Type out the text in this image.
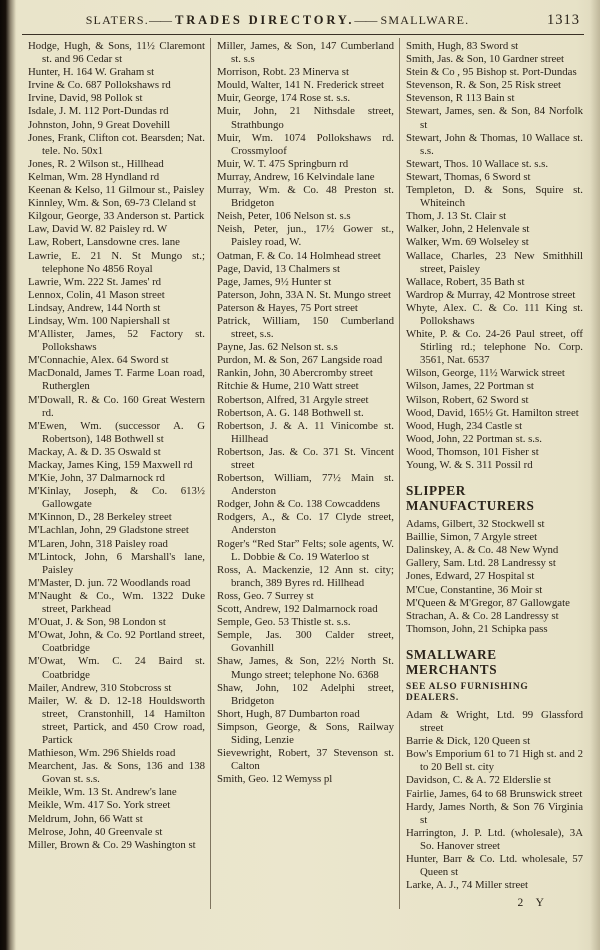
SLATERS.—— TRADES DIRECTORY.—— SMALLWARE.	1313
Hodge, Hugh, & Sons, 11½ Claremont st. and 96 Cedar st
Hunter, H. 164 W. Graham st
Irvine & Co. 687 Pollokshaws rd
Irvine, David, 98 Pollok st
Isdale, J. M. 112 Port-Dundas rd
Johnston, John, 9 Great Dovehill
Jones, Frank, Clifton cot. Bearsden; Nat. tele. No. 50x1
Jones, R. 2 Wilson st., Hillhead
Kelman, Wm. 28 Hyndland rd
Keenan & Kelso, 11 Gilmour st., Paisley
Kinnley, Wm. & Son, 69-73 Cleland st
Kilgour, George, 33 Anderson st. Partick
Law, David W. 82 Paisley rd. W
Law, Robert, Lansdowne cres. lane
Lawrie, E. 21 N. St Mungo st.; telephone No 4856 Royal
Lawrie, Wm. 222 St. James' rd
Lennox, Colin, 41 Mason street
Lindsay, Andrew, 144 North st
Lindsay, Wm. 100 Napiershall st
M'Allister, James, 52 Factory st. Pollokshaws
M'Connachie, Alex. 64 Sword st
MacDonald, James T. Farme Loan road, Rutherglen
M'Dowall, R. & Co. 160 Great Western rd.
M'Ewen, Wm. (successor A. G Robertson), 148 Bothwell st
Mackay, A. & D. 35 Oswald st
Mackay, James King, 159 Maxwell rd
M'Kie, John, 37 Dalmarnock rd
M'Kinlay, Joseph, & Co. 613½ Gallowgate
M'Kinnon, D., 28 Berkeley street
M'Lachlan, John, 29 Gladstone street
M'Laren, John, 318 Paisley road
M'Lintock, John, 6 Marshall's lane, Paisley
M'Master, D. jun. 72 Woodlands road
M'Naught & Co., Wm. 1322 Duke street, Parkhead
M'Ouat, J. & Son, 98 London st
M'Owat, John, & Co. 92 Portland street, Coatbridge
M'Owat, Wm. C. 24 Baird st. Coatbridge
Mailer, Andrew, 310 Stobcross st
Mailer, W. & D. 12-18 Houldsworth street, Cranstonhill, 14 Hamilton street, Partick, and 450 Crow road, Partick
Mathieson, Wm. 296 Shields road
Mearchent, Jas. & Sons, 136 and 138 Govan st. s.s.
Meikle, Wm. 13 St. Andrew's lane
Meikle, Wm. 417 So. York street
Meldrum, John, 66 Watt st
Melrose, John, 40 Greenvale st
Miller, Brown & Co. 29 Washington st
Miller, James, & Son, 147 Cumberland st. s.s
Morrison, Robt. 23 Minerva st
Mould, Walter, 141 N. Frederick street
Muir, George, 174 Rose st. s.s.
Muir, John, 21 Nithsdale street, Strathbungo
Muir, Wm. 1074 Pollokshaws rd. Crossmyloof
Muir, W. T. 475 Springburn rd
Murray, Andrew, 16 Kelvindale lane
Murray, Wm. & Co. 48 Preston st. Bridgeton
Neish, Peter, 106 Nelson st. s.s
Neish, Peter, jun., 17½ Gower st., Paisley road, W.
Oatman, F. & Co. 14 Holmhead street
Page, David, 13 Chalmers st
Page, James, 9½ Hunter st
Paterson, John, 33A N. St. Mungo street
Paterson & Hayes, 75 Port street
Patrick, William, 150 Cumberland street, s.s.
Payne, Jas. 62 Nelson st. s.s
Purdon, M. & Son, 267 Langside road
Rankin, John, 30 Abercromby street
Ritchie & Hume, 210 Watt street
Robertson, Alfred, 31 Argyle street
Robertson, A. G. 148 Bothwell st.
Robertson, J. & A. 11 Vinicombe st. Hillhead
Robertson, Jas. & Co. 371 St. Vincent street
Robertson, William, 77½ Main st. Anderston
Rodger, John & Co. 138 Cowcaddens
Rodgers, A., & Co. 17 Clyde street, Anderston
Roger's “Red Star” Felts; sole agents, W. L. Dobbie & Co. 19 Waterloo st
Ross, A. Mackenzie, 12 Ann st. city; branch, 389 Byres rd. Hillhead
Ross, Geo. 7 Surrey st
Scott, Andrew, 192 Dalmarnock road
Semple, Geo. 53 Thistle st. s.s.
Semple, Jas. 300 Calder street, Govanhill
Shaw, James, & Son, 22½ North St. Mungo street; telephone No. 6368
Shaw, John, 102 Adelphi street, Bridgeton
Short, Hugh, 87 Dumbarton road
Simpson, George, & Sons, Railway Siding, Lenzie
Sievewright, Robert, 37 Stevenson st. Calton
Smith, Geo. 12 Wemyss pl
Smith, Hugh, 83 Sword st
Smith, Jas. & Son, 10 Gardner street
Stein & Co , 95 Bishop st. Port-Dundas
Stevenson, R. & Son, 25 Risk street
Stevenson, R 113 Bain st
Stewart, James, sen. & Son, 84 Norfolk st
Stewart, John & Thomas, 10 Wallace st. s.s.
Stewart, Thos. 10 Wallace st. s.s.
Stewart, Thomas, 6 Sword st
Templeton, D. & Sons, Squire st. Whiteinch
Thom, J. 13 St. Clair st
Walker, John, 2 Helenvale st
Walker, Wm. 69 Wolseley st
Wallace, Charles, 23 New Smithhill street, Paisley
Wallace, Robert, 35 Bath st
Wardrop & Murray, 42 Montrose street
Whyte, Alex. C. & Co. 111 King st. Pollokshaws
White, P. & Co. 24-26 Paul street, off Stirling rd.; telephone No. Corp. 3561, Nat. 6537
Wilson, George, 11½ Warwick street
Wilson, James, 22 Portman st
Wilson, Robert, 62 Sword st
Wood, David, 165½ Gt. Hamilton street
Wood, Hugh, 234 Castle st
Wood, John, 22 Portman st. s.s.
Wood, Thomson, 101 Fisher st
Young, W. & S. 311 Possil rd
SLIPPER MANUFACTURERS
Adams, Gilbert, 32 Stockwell st
Baillie, Simon, 7 Argyle street
Dalinskey, A. & Co. 48 New Wynd
Gallery, Sam. Ltd. 28 Landressy st
Jones, Edward, 27 Hospital st
M'Cue, Constantine, 36 Moir st
M'Queen & M'Gregor, 87 Gallowgate
Strachan, A. & Co. 28 Landressy st
Thomson, John, 21 Schipka pass
SMALLWARE MERCHANTS
SEE ALSO FURNISHING DEALERS.
Adam & Wright, Ltd. 99 Glassford street
Barrie & Dick, 120 Queen st
Bow's Emporium 61 to 71 High st. and 2 to 20 Bell st. city
Davidson, C. & A. 72 Elderslie st
Fairlie, James, 64 to 68 Brunswick street
Hardy, James North, & Son 76 Virginia st
Harrington, J. P. Ltd. (wholesale), 3A So. Hanover street
Hunter, Barr & Co. Ltd. wholesale, 57 Queen st
Larke, A. J., 74 Miller street
2 Y
